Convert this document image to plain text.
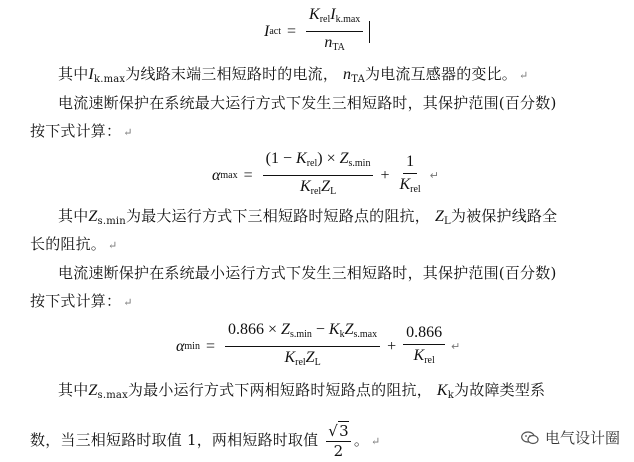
I act = $\frac{K_{rel}I_{k.max}}{n_{TA}}$
其中$I_{k.max}$为线路末端三相短路时的电流， $n_{TA}$为电流互感器的变比。 ↵
电流速断保护在系统最大运行方式下发生三相短路时，其保护范围(百分数)
按下式计算： ↵
α $\max = \frac{(1 - K_{rel}) \times Z_{s.min}}{K_{rel}Z_L} + \frac{1}{K_{rel}}$ ↵
其中$Z_{s.min}$为最大运行方式下三相短路时短路点的阻抗， $Z_L$为被保护线路全
长的阻抗。 ↵
电流速断保护在系统最小运行方式下发生三相短路时，其保护范围(百分数)
按下式计算： ↵
α $\min = \frac{0.866 \times Z_{s.min} - K_kZ_{s.max}}{K_{rel}Z_L} + \frac{0.866}{K_{rel}}$ ↵
其中$Z_{s.max}$为最小运行方式下两相短路时短路点的阻抗， $K_k$为故障类型系
数，当三相短路时取值 1，两相短路时取值 $\frac{√3}{2}$ 。 ↵	电气设计圈
